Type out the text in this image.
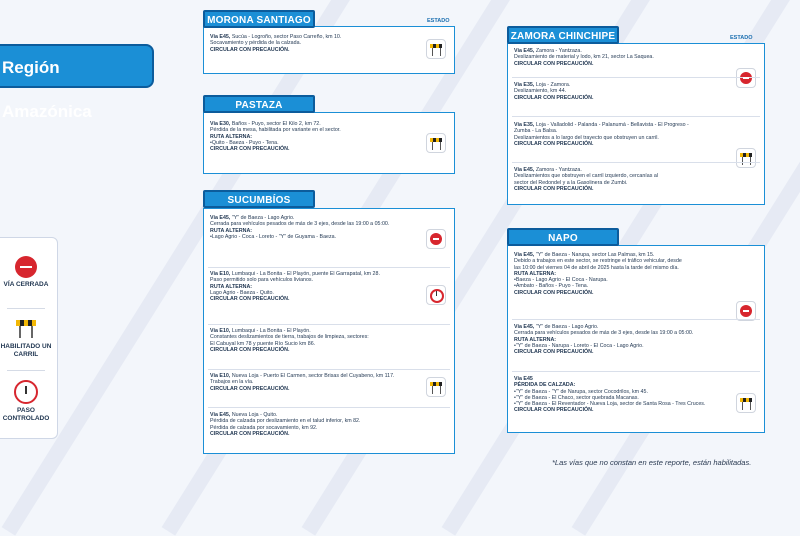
Región Amazónica
VÍA CERRADA
HABILITADO UN CARRIL
PASO CONTROLADO
MORONA SANTIAGO	ESTADO
Vía E45, Sucúa - Logroño, sector Paso Carreño, km 10.
Socavamiento y pérdida de la calzada.
CIRCULAR CON PRECAUCIÓN.
PASTAZA
Vía E30, Baños - Puyo, sector El Kilo 2, km 72.
Pérdida de la mesa, habilitada por variante en el sector.
RUTA ALTERNA:
• Quito - Baeza - Puyo - Tena.
CIRCULAR CON PRECAUCIÓN.
SUCUMBÍOS
Vía E45, "Y" de Baeza - Lago Agrio.
Cerrada para vehículos pesados de más de 3 ejes, desde las 19:00 a 05:00.
RUTA ALTERNA:
• Lago Agrio - Coca - Loreto - "Y" de Guyama - Baeza.
Vía E10, Lumbaqui - La Bonita - El Playón, puente El Garrapatal, km 28.
Paso permitido solo para vehículos livianos.
RUTA ALTERNA:
Lago Agrio - Baeza - Quito.
CIRCULAR CON PRECAUCIÓN.
Vía E10, Lumbaqui - La Bonita - El Playón.
Constantes deslizamientos de tierra, trabajos de limpieza, sectores:
El Cabuyal km 78 y puente Río Sucio km 86.
CIRCULAR CON PRECAUCIÓN.
Vía E10, Nueva Loja - Puerto El Carmen, sector Brisas del Cuyabeno, km 117.
Trabajos en la vía.
CIRCULAR CON PRECAUCIÓN.
Vía E45, Nueva Loja - Quito.
Pérdida de calzada por deslizamiento en el talud inferior, km 82.
Pérdida de calzada por socavamiento, km 92.
CIRCULAR CON PRECAUCIÓN.
ZAMORA CHINCHIPE	ESTADO
Vía E45, Zamora - Yantzaza.
Deslizamiento de material y lodo, km 21, sector La Saquea.
CIRCULAR CON PRECAUCIÓN.
Vía E35, Loja - Zamora.
Deslizamiento, km 44.
CIRCULAR CON PRECAUCIÓN.
Vía E35, Loja - Valladolid - Palanda - Palanumá - Bellavista - El Progreso -
Zumba - La Balsa.
Deslizamientos a lo largo del trayecto que obstruyen un carril.
CIRCULAR CON PRECAUCIÓN.
Vía E45, Zamora - Yantzaza.
Deslizamientos que obstruyen el carril izquierdo, cercanías al
sector del Redondel y a la Gasolinera de Zumbi.
CIRCULAR CON PRECAUCIÓN.
NAPO
Vía E45, "Y" de Baeza - Narupa, sector Las Palmas, km 15.
Debido a trabajos en este sector, se restringe el tráfico vehicular, desde
las 10:00 del viernes 04 de abril de 2025 hasta la tarde del mismo día.
RUTA ALTERNA:
• Baeza - Lago Agrio - El Coca - Narupa.
• Ambato - Baños - Puyo - Tena.
CIRCULAR CON PRECAUCIÓN.
Vía E45, "Y" de Baeza - Lago Agrio.
Cerrada para vehículos pesados de más de 3 ejes, desde las 19:00 a 05:00.
RUTA ALTERNA:
• "Y" de Baeza - Narupa - Loreto - El Coca - Lago Agrio.
CIRCULAR CON PRECAUCIÓN.
Vía E45
PÉRDIDA DE CALZADA:
• "Y" de Baeza - "Y" de Narupa, sector Cocodrilos, km 45.
• "Y" de Baeza - El Chaco, sector quebrada Macanas.
• "Y" de Baeza - El Reventador - Nueva Loja, sector de Santa Rosa - Tres Cruces.
CIRCULAR CON PRECAUCIÓN.
*Las vías que no constan en este reporte, están habilitadas.
